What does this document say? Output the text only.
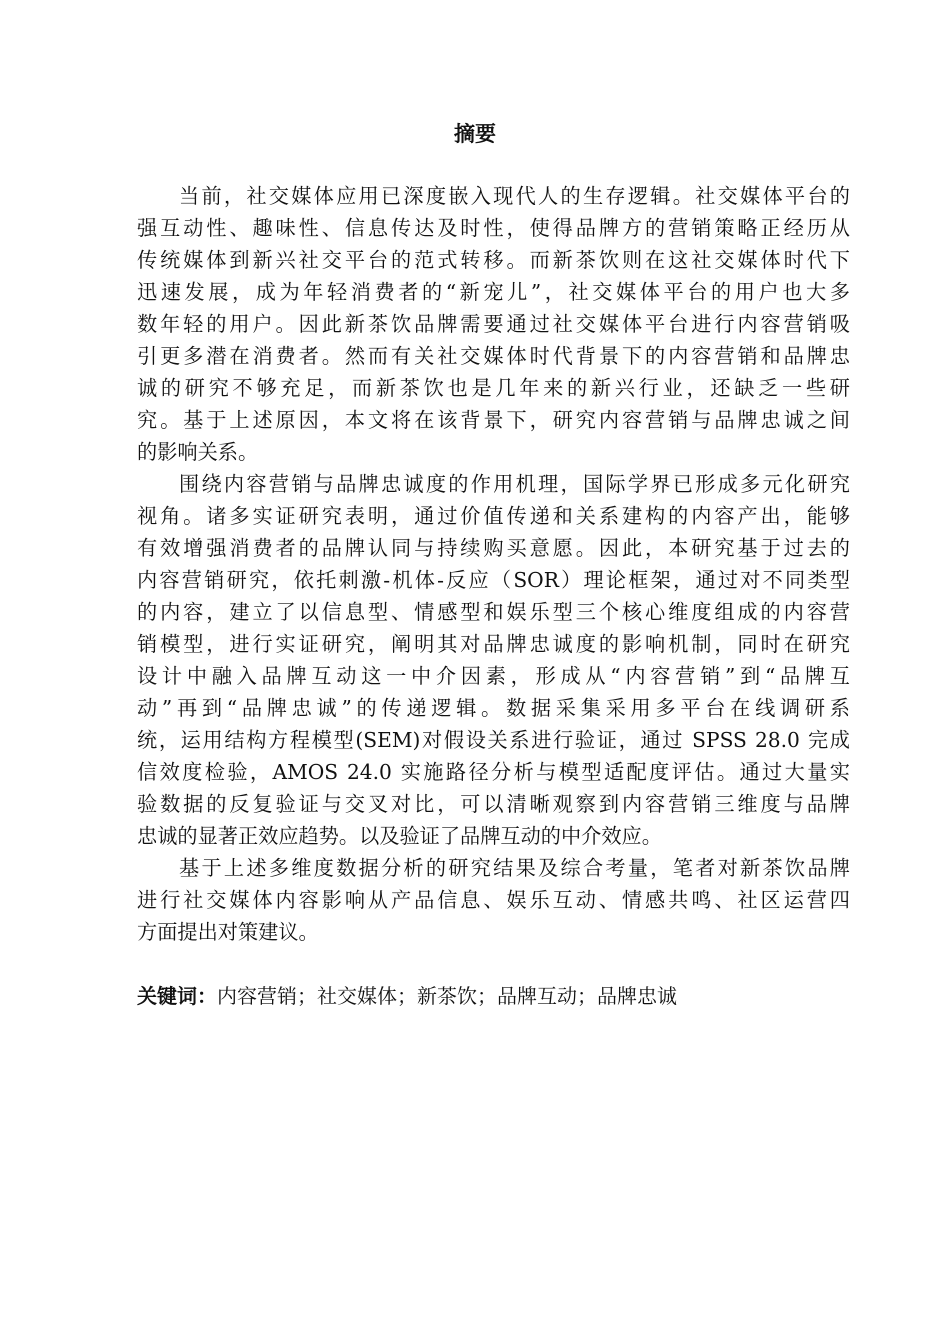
摘要
当前，社交媒体应用已深度嵌入现代人的生存逻辑。社交媒体平台的
强互动性、趣味性、信息传达及时性，使得品牌方的营销策略正经历从
传统媒体到新兴社交平台的范式转移。而新茶饮则在这社交媒体时代下
迅速发展，成为年轻消费者的“新宠儿”，社交媒体平台的用户也大多
数年轻的用户。因此新茶饮品牌需要通过社交媒体平台进行内容营销吸
引更多潜在消费者。然而有关社交媒体时代背景下的内容营销和品牌忠
诚的研究不够充足，而新茶饮也是几年来的新兴行业，还缺乏一些研
究。基于上述原因，本文将在该背景下，研究内容营销与品牌忠诚之间
的影响关系。
围绕内容营销与品牌忠诚度的作用机理，国际学界已形成多元化研究
视角。诸多实证研究表明，通过价值传递和关系建构的内容产出，能够
有效增强消费者的品牌认同与持续购买意愿。因此，本研究基于过去的
内容营销研究，依托刺激-机体-反应（SOR）理论框架，通过对不同类型
的内容，建立了以信息型、情感型和娱乐型三个核心维度组成的内容营
销模型，进行实证研究，阐明其对品牌忠诚度的影响机制，同时在研究
设计中融入品牌互动这一中介因素，形成从“内容营销”到“品牌互
动”再到“品牌忠诚”的传递逻辑。数据采集采用多平台在线调研系
统，运用结构方程模型(SEM)对假设关系进行验证，通过 SPSS 28.0 完成
信效度检验，AMOS 24.0 实施路径分析与模型适配度评估。通过大量实
验数据的反复验证与交叉对比，可以清晰观察到内容营销三维度与品牌
忠诚的显著正效应趋势。以及验证了品牌互动的中介效应。
基于上述多维度数据分析的研究结果及综合考量，笔者对新茶饮品牌
进行社交媒体内容影响从产品信息、娱乐互动、情感共鸣、社区运营四
方面提出对策建议。
关键词：内容营销；社交媒体；新茶饮；品牌互动；品牌忠诚
